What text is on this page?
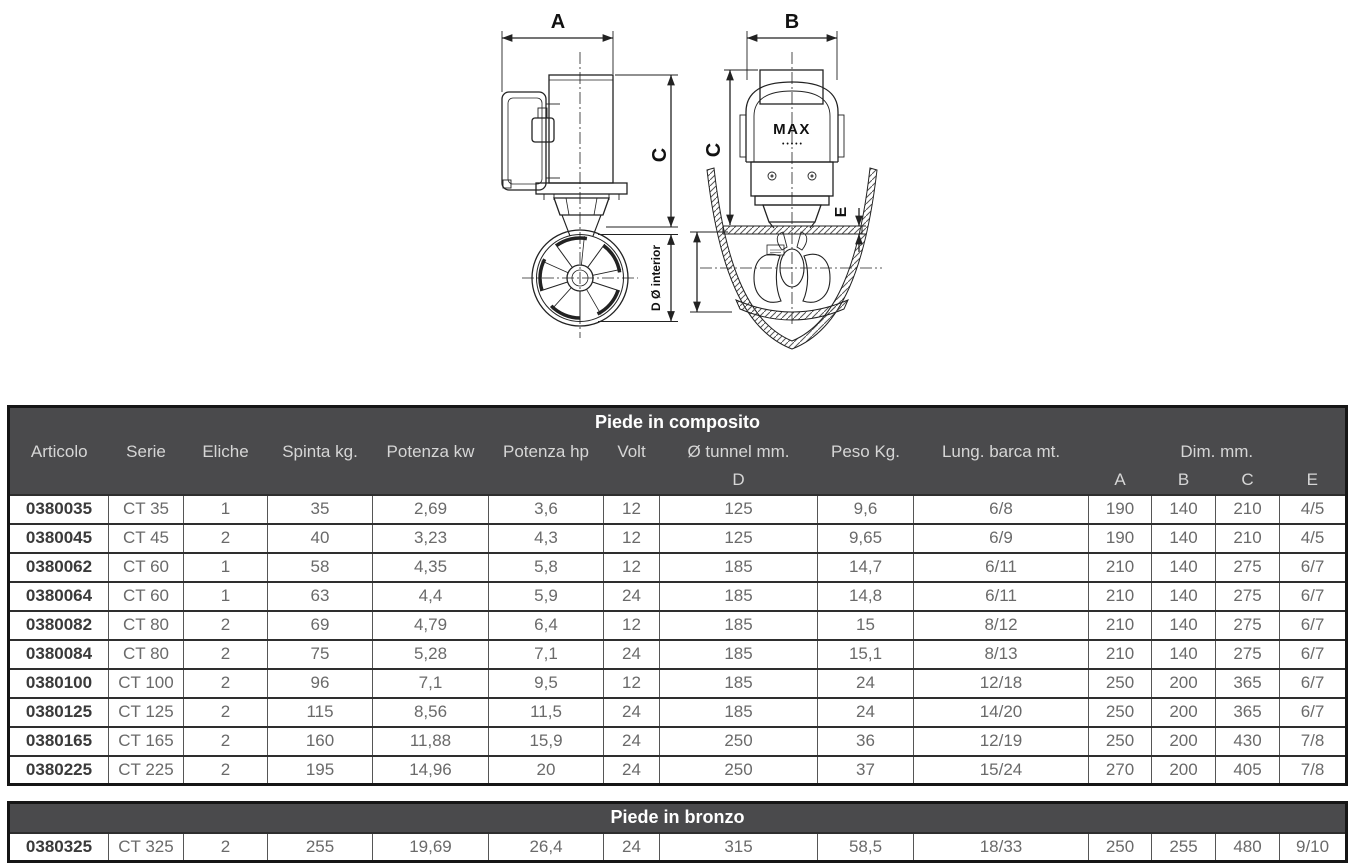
A
C
D Ø interior
B
MAX
• • • • •
C
E
Piede in composito													
Articolo	Serie	Eliche	Spinta kg.	Potenza kw	Potenza hp	Volt	Ø tunnel mm.	Peso Kg.	Lung. barca mt.	Dim. mm.			
							D			A	B	C	E
0380035	CT 35	1	35	2,69	3,6	12	125	9,6	6/8	190	140	210	4/5
0380045	CT 45	2	40	3,23	4,3	12	125	9,65	6/9	190	140	210	4/5
0380062	CT 60	1	58	4,35	5,8	12	185	14,7	6/11	210	140	275	6/7
0380064	CT 60	1	63	4,4	5,9	24	185	14,8	6/11	210	140	275	6/7
0380082	CT 80	2	69	4,79	6,4	12	185	15	8/12	210	140	275	6/7
0380084	CT 80	2	75	5,28	7,1	24	185	15,1	8/13	210	140	275	6/7
0380100	CT 100	2	96	7,1	9,5	12	185	24	12/18	250	200	365	6/7
0380125	CT 125	2	115	8,56	11,5	24	185	24	14/20	250	200	365	6/7
0380165	CT 165	2	160	11,88	15,9	24	250	36	12/19	250	200	430	7/8
0380225	CT 225	2	195	14,96	20	24	250	37	15/24	270	200	405	7/8
Piede in bronzo
0380325	CT 325	2	255	19,69	26,4	24	315	58,5	18/33	250	255	480	9/10
